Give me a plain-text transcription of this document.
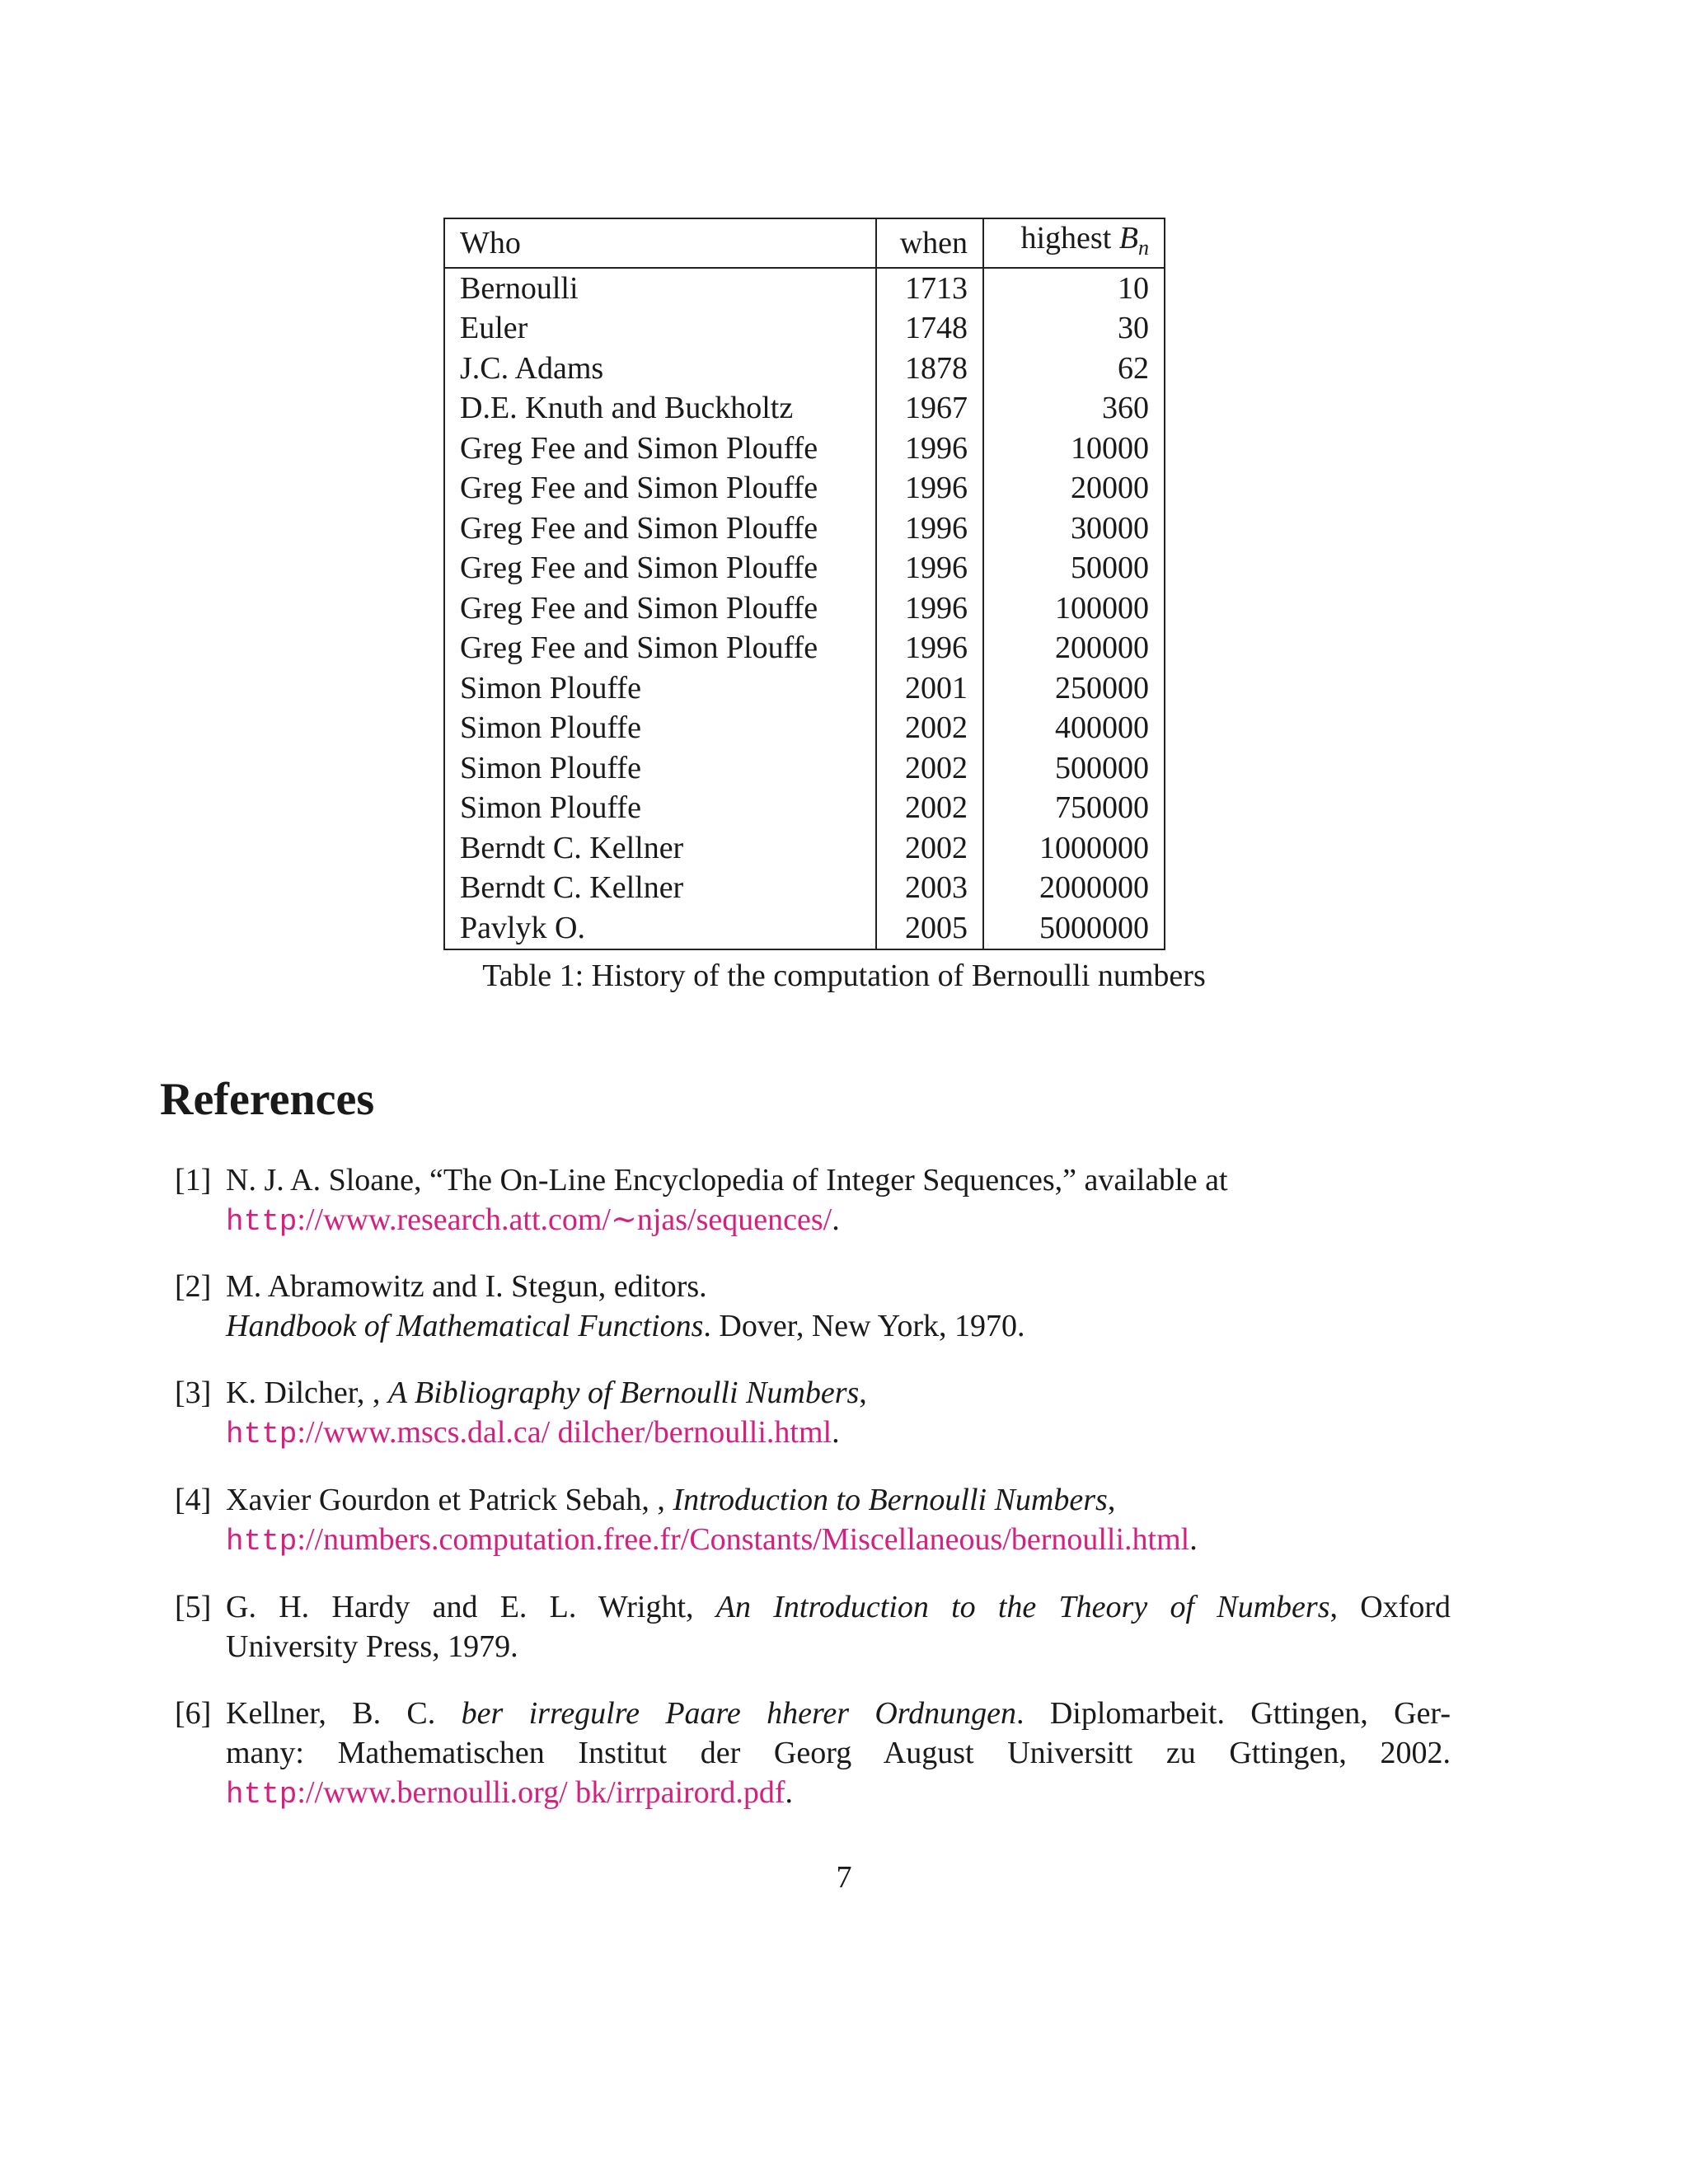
Who	when	highest $B_n$
Bernoulli	1713	10
Euler	1748	30
J.C. Adams	1878	62
D.E. Knuth and Buckholtz	1967	360
Greg Fee and Simon Plouffe	1996	10000
Greg Fee and Simon Plouffe	1996	20000
Greg Fee and Simon Plouffe	1996	30000
Greg Fee and Simon Plouffe	1996	50000
Greg Fee and Simon Plouffe	1996	100000
Greg Fee and Simon Plouffe	1996	200000
Simon Plouffe	2001	250000
Simon Plouffe	2002	400000
Simon Plouffe	2002	500000
Simon Plouffe	2002	750000
Berndt C. Kellner	2002	1000000
Berndt C. Kellner	2003	2000000
Pavlyk O.	2005	5000000
Table 1: History of the computation of Bernoulli numbers
References
[1] N. J. A. Sloane, “The On-Line Encyclopedia of Integer Sequences,” available at
http://www.research.att.com/∼njas/sequences/.
[2] M. Abramowitz and I. Stegun, editors.
Handbook of Mathematical Functions. Dover, New York, 1970.
[3] K. Dilcher, , A Bibliography of Bernoulli Numbers,
http://www.mscs.dal.ca/ dilcher/bernoulli.html.
[4] Xavier Gourdon et Patrick Sebah, , Introduction to Bernoulli Numbers,
http://numbers.computation.free.fr/Constants/Miscellaneous/bernoulli.html.
[5] G. H. Hardy and E. L. Wright, An Introduction to the Theory of Numbers, Oxford
University Press, 1979.
[6] Kellner, B. C. ber irregulre Paare hherer Ordnungen. Diplomarbeit. Gttingen, Ger-
many: Mathematischen Institut der Georg August Universitt zu Gttingen, 2002.
http://www.bernoulli.org/ bk/irrpairord.pdf.
7
